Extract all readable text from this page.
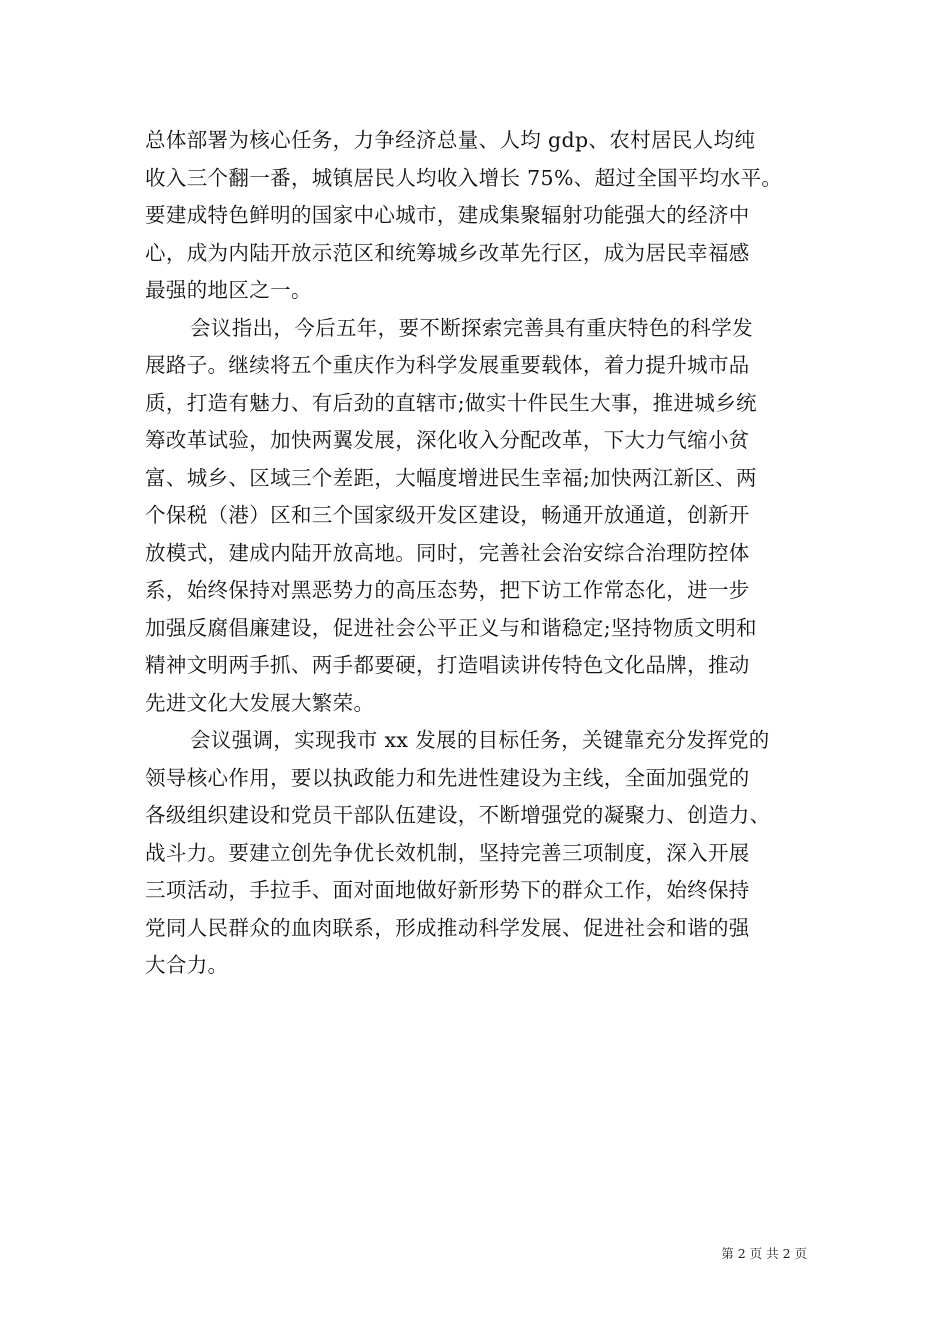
总体部署为核心任务，力争经济总量、人均 gdp、农村居民人均纯
收入三个翻一番，城镇居民人均收入增长 75%、超过全国平均水平。
要建成特色鲜明的国家中心城市，建成集聚辐射功能强大的经济中
心，成为内陆开放示范区和统筹城乡改革先行区，成为居民幸福感
最强的地区之一。
会议指出，今后五年，要不断探索完善具有重庆特色的科学发
展路子。继续将五个重庆作为科学发展重要载体，着力提升城市品
质，打造有魅力、有后劲的直辖市;做实十件民生大事，推进城乡统
筹改革试验，加快两翼发展，深化收入分配改革，下大力气缩小贫
富、城乡、区域三个差距，大幅度增进民生幸福;加快两江新区、两
个保税（港）区和三个国家级开发区建设，畅通开放通道，创新开
放模式，建成内陆开放高地。同时，完善社会治安综合治理防控体
系，始终保持对黑恶势力的高压态势，把下访工作常态化，进一步
加强反腐倡廉建设，促进社会公平正义与和谐稳定;坚持物质文明和
精神文明两手抓、两手都要硬，打造唱读讲传特色文化品牌，推动
先进文化大发展大繁荣。
会议强调，实现我市 xx 发展的目标任务，关键靠充分发挥党的
领导核心作用，要以执政能力和先进性建设为主线，全面加强党的
各级组织建设和党员干部队伍建设，不断增强党的凝聚力、创造力、
战斗力。要建立创先争优长效机制，坚持完善三项制度，深入开展
三项活动，手拉手、面对面地做好新形势下的群众工作，始终保持
党同人民群众的血肉联系，形成推动科学发展、促进社会和谐的强
大合力。
第 2 页 共 2 页
